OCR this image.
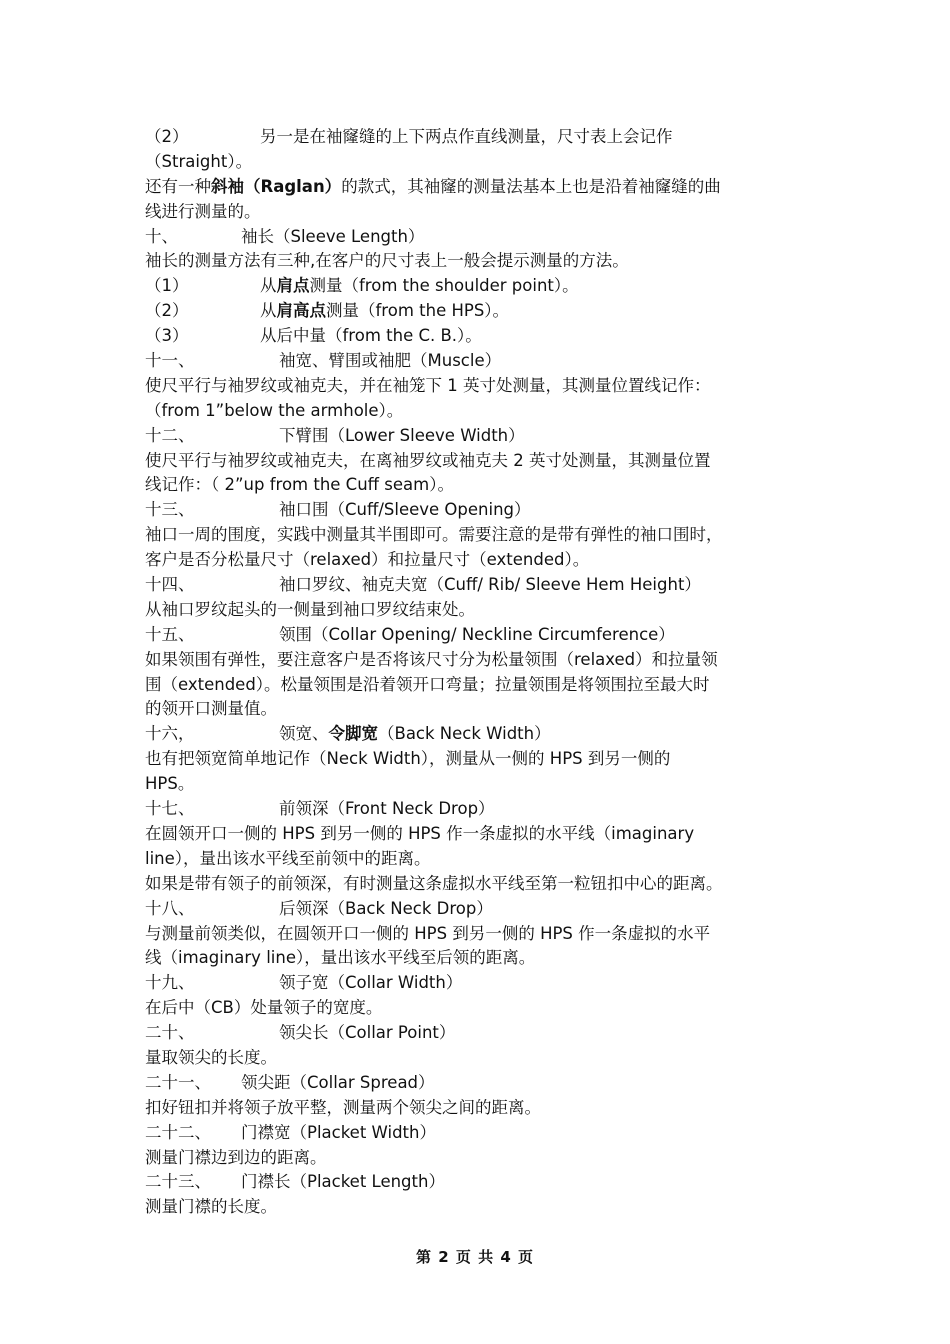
（2）	另一是在袖窿缝的上下两点作直线测量，尺寸表上会记作
（Straight）。
还有一种斜袖（Raglan）的款式，其袖窿的测量法基本上也是沿着袖窿缝的曲
线进行测量的。
十、	袖长（Sleeve Length）
袖长的测量方法有三种,在客户的尺寸表上一般会提示测量的方法。
（1）	从肩点测量（from the shoulder point）。
（2）	从肩高点测量（from the HPS）。
（3）	从后中量（from the C. B.）。
十一、	袖宽、臂围或袖肥（Muscle）
使尺平行与袖罗纹或袖克夫，并在袖笼下 1 英寸处测量，其测量位置线记作：
（from 1”below the armhole）。
十二、	下臂围（Lower Sleeve Width）
使尺平行与袖罗纹或袖克夫，在离袖罗纹或袖克夫 2 英寸处测量，其测量位置
线记作：（ 2”up from the Cuff seam）。
十三、	袖口围（Cuff/Sleeve Opening）
袖口一周的围度，实践中测量其半围即可。需要注意的是带有弹性的袖口围时，
客户是否分松量尺寸（relaxed）和拉量尺寸（extended）。
十四、	袖口罗纹、袖克夫宽（Cuff/ Rib/ Sleeve Hem Height）
从袖口罗纹起头的一侧量到袖口罗纹结束处。
十五、	领围（Collar Opening/ Neckline Circumference）
如果领围有弹性，要注意客户是否将该尺寸分为松量领围（relaxed）和拉量领
围（extended）。松量领围是沿着领开口弯量；拉量领围是将领围拉至最大时
的领开口测量值。
十六，	领宽、令脚宽（Back Neck Width）
也有把领宽简单地记作（Neck Width），测量从一侧的 HPS 到另一侧的
HPS。
十七、	前领深（Front Neck Drop）
在圆领开口一侧的 HPS 到另一侧的 HPS 作一条虚拟的水平线（imaginary
line），量出该水平线至前领中的距离。
如果是带有领子的前领深，有时测量这条虚拟水平线至第一粒钮扣中心的距离。
十八、	后领深（Back Neck Drop）
与测量前领类似，在圆领开口一侧的 HPS 到另一侧的 HPS 作一条虚拟的水平
线（imaginary line），量出该水平线至后领的距离。
十九、	领子宽（Collar Width）
在后中（CB）处量领子的宽度。
二十、	领尖长（Collar Point）
量取领尖的长度。
二十一、 领尖距（Collar Spread）
扣好钮扣并将领子放平整，测量两个领尖之间的距离。
二十二、 门襟宽（Placket Width）
测量门襟边到边的距离。
二十三、 门襟长（Placket Length）
测量门襟的长度。
第 2 页 共 4 页
